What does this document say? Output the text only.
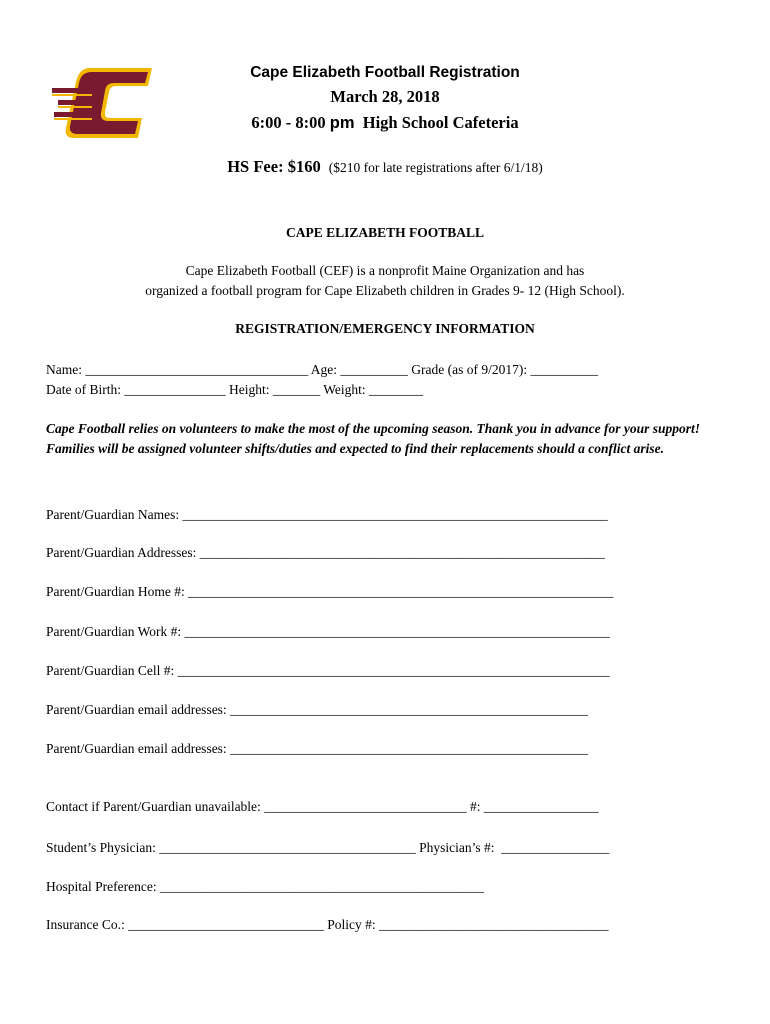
Cape Elizabeth Football Registration
March 28, 2018
6:00 - 8:00 pm High School Cafeteria
HS Fee: $160 ($210 for late registrations after 6/1/18)
CAPE ELIZABETH FOOTBALL
Cape Elizabeth Football (CEF) is a nonprofit Maine Organization and has
organized a football program for Cape Elizabeth children in Grades 9- 12 (High School).
REGISTRATION/EMERGENCY INFORMATION
Name: _________________________________ Age: __________ Grade (as of 9/2017): __________
Date of Birth: _______________ Height: _______ Weight: ________
Cape Football relies on volunteers to make the most of the upcoming season. Thank you in advance for your support! Families will be assigned volunteer shifts/duties and expected to find their replacements should a conflict arise.
Parent/Guardian Names: _______________________________________________________________
Parent/Guardian Addresses: ____________________________________________________________
Parent/Guardian Home #: _______________________________________________________________
Parent/Guardian Work #: _______________________________________________________________
Parent/Guardian Cell #: ________________________________________________________________
Parent/Guardian email addresses: _____________________________________________________
Parent/Guardian email addresses: _____________________________________________________
Contact if Parent/Guardian unavailable: ______________________________ #: _________________
Student’s Physician: ______________________________________ Physician’s #:  ________________
Hospital Preference: ________________________________________________
Insurance Co.: _____________________________ Policy #: __________________________________
